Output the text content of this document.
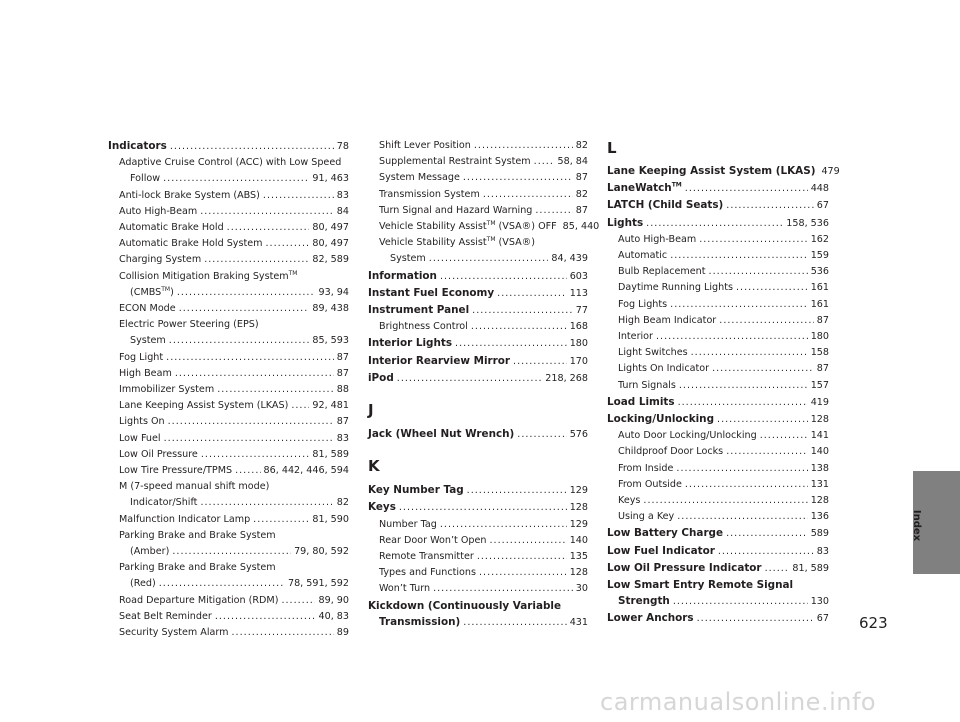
Indicators .....	78
Adaptive Cruise Control (ACC) with Low Speed
Follow .....	91, 463
Anti-lock Brake System (ABS) .....	83
Auto High-Beam .....	84
Automatic Brake Hold .....	80, 497
Automatic Brake Hold System .....	80, 497
Charging System .....	82, 589
Collision Mitigation Braking System™
(CMBS™) .....	93, 94
ECON Mode .....	89, 438
Electric Power Steering (EPS)
System .....	85, 593
Fog Light .....	87
High Beam .....	87
Immobilizer System .....	88
Lane Keeping Assist System (LKAS) .....	92, 481
Lights On .....	87
Low Fuel .....	83
Low Oil Pressure .....	81, 589
Low Tire Pressure/TPMS .....	86, 442, 446, 594
M (7-speed manual shift mode)
Indicator/Shift .....	82
Malfunction Indicator Lamp .....	81, 590
Parking Brake and Brake System
(Amber) .....	79, 80, 592
Parking Brake and Brake System
(Red) .....	78, 591, 592
Road Departure Mitigation (RDM) .....	89, 90
Seat Belt Reminder .....	40, 83
Security System Alarm .....	89
Shift Lever Position .....	82
Supplemental Restraint System .....	58, 84
System Message .....	87
Transmission System .....	82
Turn Signal and Hazard Warning .....	87
Vehicle Stability Assist™ (VSA®) OFF 85, 440
Vehicle Stability Assist™ (VSA®)
System .....	84, 439
Information .....	603
Instant Fuel Economy .....	113
Instrument Panel .....	77
Brightness Control .....	168
Interior Lights .....	180
Interior Rearview Mirror .....	170
iPod .....	218, 268
J
Jack (Wheel Nut Wrench) .....	576
K
Key Number Tag .....	129
Keys .....	128
Number Tag .....	129
Rear Door Won’t Open .....	140
Remote Transmitter .....	135
Types and Functions .....	128
Won’t Turn .....	30
Kickdown (Continuously Variable
Transmission) .....	431
L
Lane Keeping Assist System (LKAS) 479
LaneWatch™ .....	448
LATCH (Child Seats) .....	67
Lights .....	158, 536
Auto High-Beam .....	162
Automatic .....	159
Bulb Replacement .....	536
Daytime Running Lights .....	161
Fog Lights .....	161
High Beam Indicator .....	87
Interior .....	180
Light Switches .....	158
Lights On Indicator .....	87
Turn Signals .....	157
Load Limits .....	419
Locking/Unlocking .....	128
Auto Door Locking/Unlocking .....	141
Childproof Door Locks .....	140
From Inside .....	138
From Outside .....	131
Keys .....	128
Using a Key .....	136
Low Battery Charge .....	589
Low Fuel Indicator .....	83
Low Oil Pressure Indicator .....	81, 589
Low Smart Entry Remote Signal
Strength .....	130
Lower Anchors .....	67
Index
623
carmanualsonline.info
